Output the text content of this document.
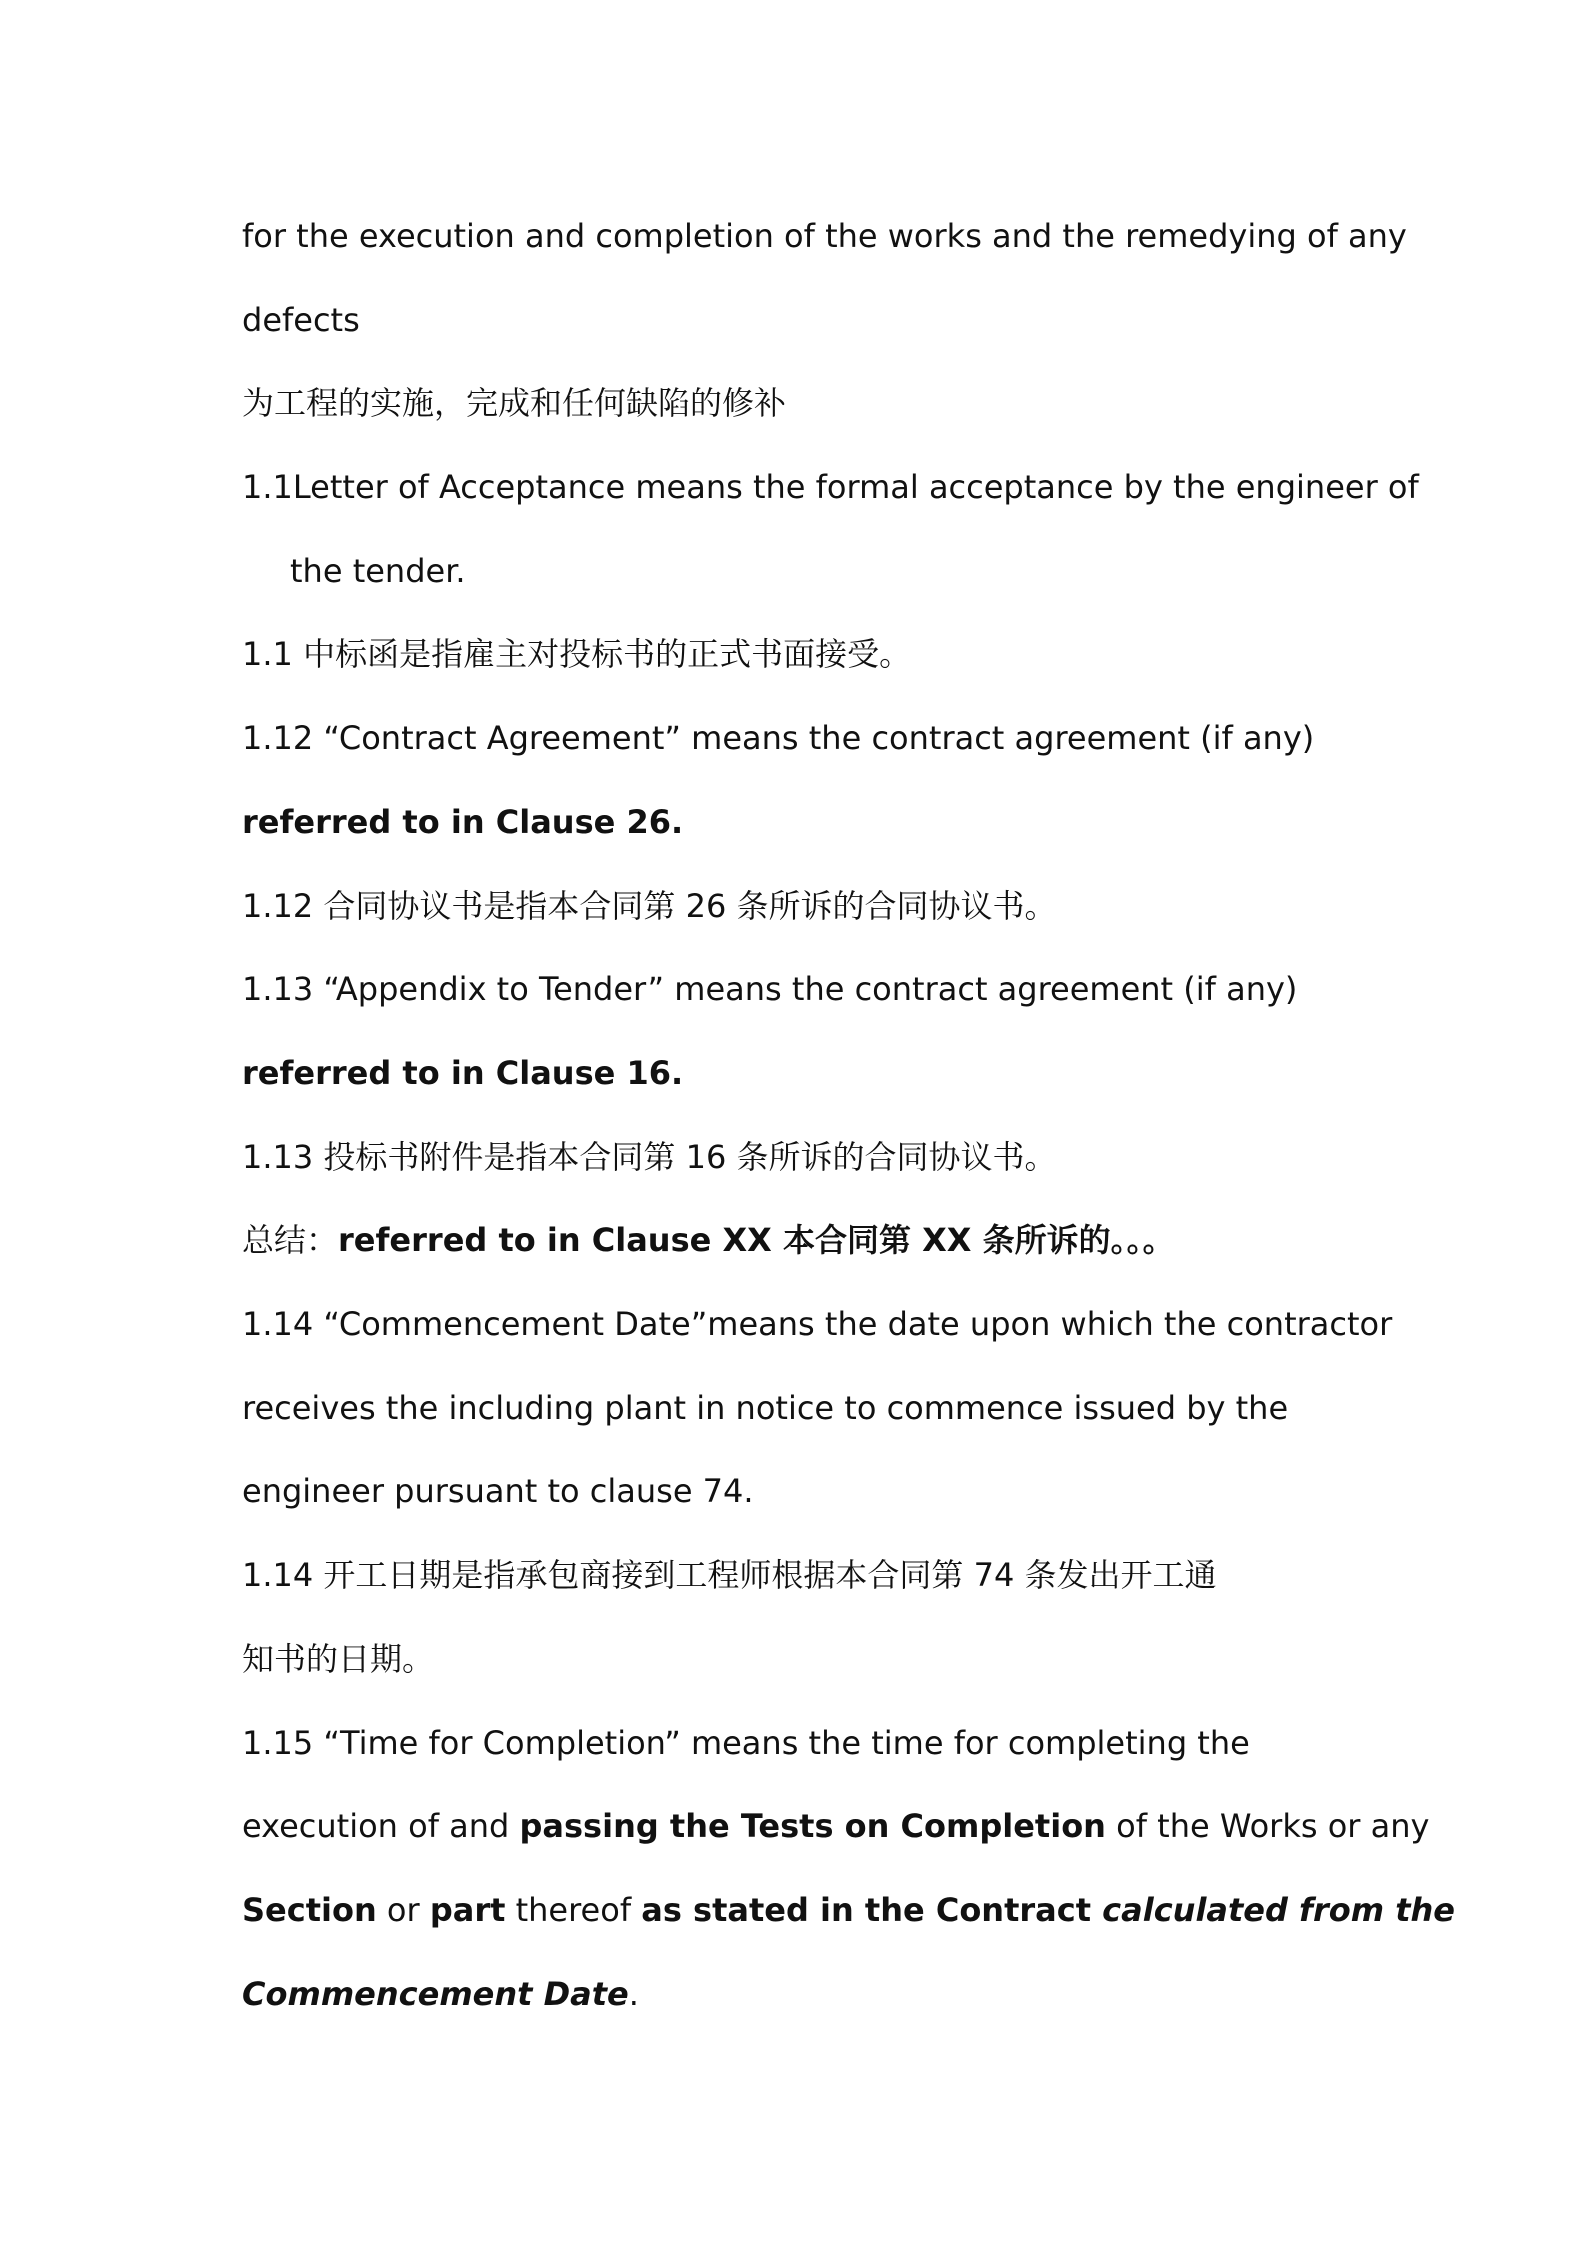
for the execution and completion of the works and the remedying of any

defects

为工程的实施，完成和任何缺陷的修补

1.1Letter of Acceptance means the formal acceptance by the engineer of

the tender.

1.1 中标函是指雇主对投标书的正式书面接受。

1.12 “Contract Agreement” means the contract agreement (if any)

referred to in Clause 26.

1.12 合同协议书是指本合同第 26 条所诉的合同协议书。

1.13 “Appendix to Tender” means the contract agreement (if any)

referred to in Clause 16.

1.13 投标书附件是指本合同第 16 条所诉的合同协议书。

总结：referred to in Clause XX 本合同第 XX 条所诉的。。。

1.14 “Commencement Date”means the date upon which the contractor

receives the including plant in notice to commence issued by the

engineer pursuant to clause 74.

1.14 开工日期是指承包商接到工程师根据本合同第 74 条发出开工通

知书的日期。

1.15 “Time for Completion” means the time for completing the

execution of and passing the Tests on Completion of the Works or any

Section or part thereof as stated in the Contract calculated from the

Commencement Date.
